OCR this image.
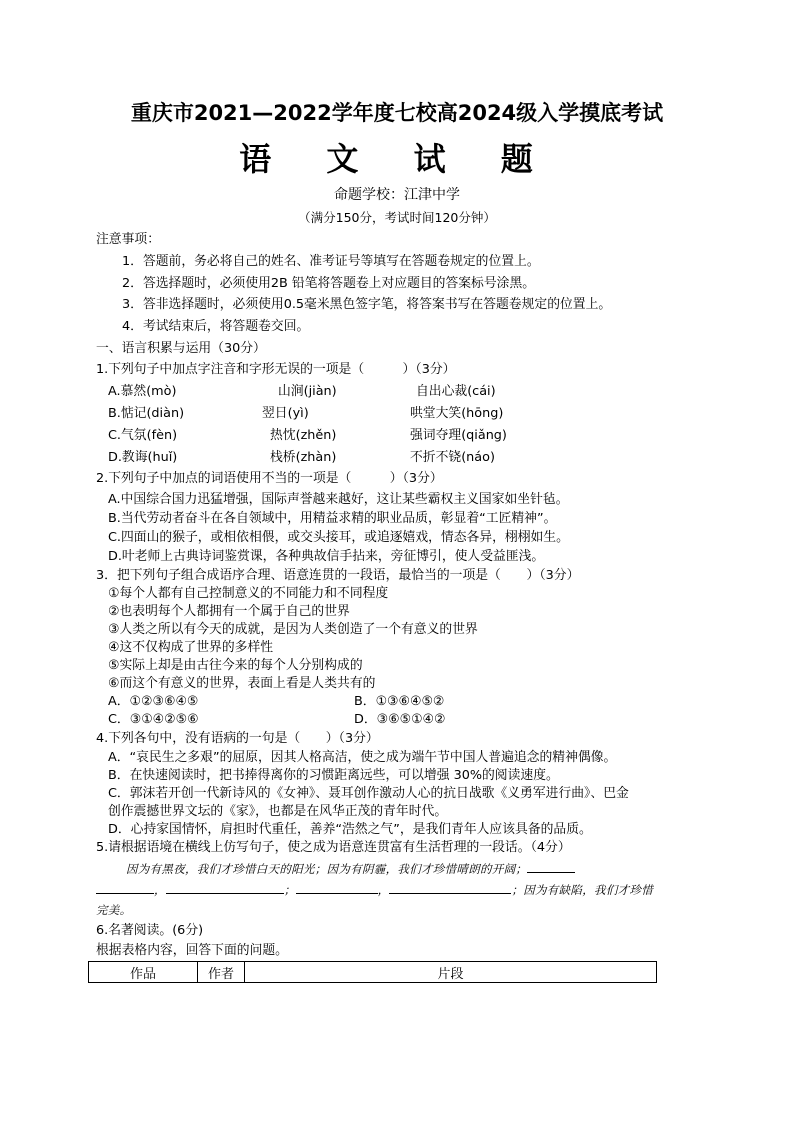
重庆市2021—2022学年度七校高2024级入学摸底考试
语 文 试 题
命题学校：江津中学
（满分150分，考试时间120分钟）
注意事项：
1．答题前，务必将自己的姓名、准考证号等填写在答题卷规定的位置上。
2．答选择题时，必须使用2B 铅笔将答题卷上对应题目的答案标号涂黑。
3．答非选择题时，必须使用0.5毫米黑色签字笔，将答案书写在答题卷规定的位置上。
4．考试结束后，将答题卷交回。
一、语言积累与运用（30分）
1.下列句子中加点字注音和字形无误的一项是（　　　）（3分）
A.慕然(mò)	山涧(jiàn)	自出心裁(cái)
B.惦记(diàn)	翌日(yì)	哄堂大笑(hōng)
C.气氛(fèn)	热忱(zhěn)	强词夺理(qiǎng)
D.教诲(huǐ)	栈桥(zhàn)	不折不铙(náo)
2.下列句子中加点的词语使用不当的一项是（　　　）（3分）
A.中国综合国力迅猛增强，国际声誉越来越好，这让某些霸权主义国家如坐针毡。
B.当代劳动者奋斗在各自领域中，用精益求精的职业品质，彰显着“工匠精神”。
C.四面山的猴子，或相依相偎，或交头接耳，或追逐嬉戏，情态各异，栩栩如生。
D.叶老师上古典诗词鉴赏课，各种典故信手拈来，旁征博引，使人受益匪浅。
3．把下列句子组合成语序合理、语意连贯的一段语，最恰当的一项是（　　）（3分）
①每个人都有自己控制意义的不同能力和不同程度
②也表明每个人都拥有一个属于自己的世界
③人类之所以有今天的成就，是因为人类创造了一个有意义的世界
④这不仅构成了世界的多样性
⑤实际上却是由古往今来的每个人分别构成的
⑥而这个有意义的世界，表面上看是人类共有的
A．①②③⑥④⑤	B．①③⑥④⑤②
C．③①④②⑤⑥	D．③⑥⑤①④②
4.下列各句中，没有语病的一句是（　　）（3分）
A．“哀民生之多艰”的屈原，因其人格高洁，使之成为端午节中国人普遍追念的精神偶像。
B．在快速阅读时，把书捧得离你的习惯距离远些，可以增强 30%的阅读速度。
C．郭沫若开创一代新诗风的《女神》、聂耳创作激动人心的抗日战歌《义勇军进行曲》、巴金
创作震撼世界文坛的《家》，也都是在风华正茂的青年时代。
D．心持家国情怀，肩担时代重任，善养“浩然之气”，是我们青年人应该具备的品质。
5.请根据语境在横线上仿写句子，使之成为语意连贯富有生活哲理的一段话。（4分）
因为有黑夜，我们才珍惜白天的阳光；因为有阴霾，我们才珍惜晴朗的开阔；
，	；	，	；因为有缺陷，我们才珍惜
完美。
6.名著阅读。(6分)
根据表格内容，回答下面的问题。
作品	作者	片段
